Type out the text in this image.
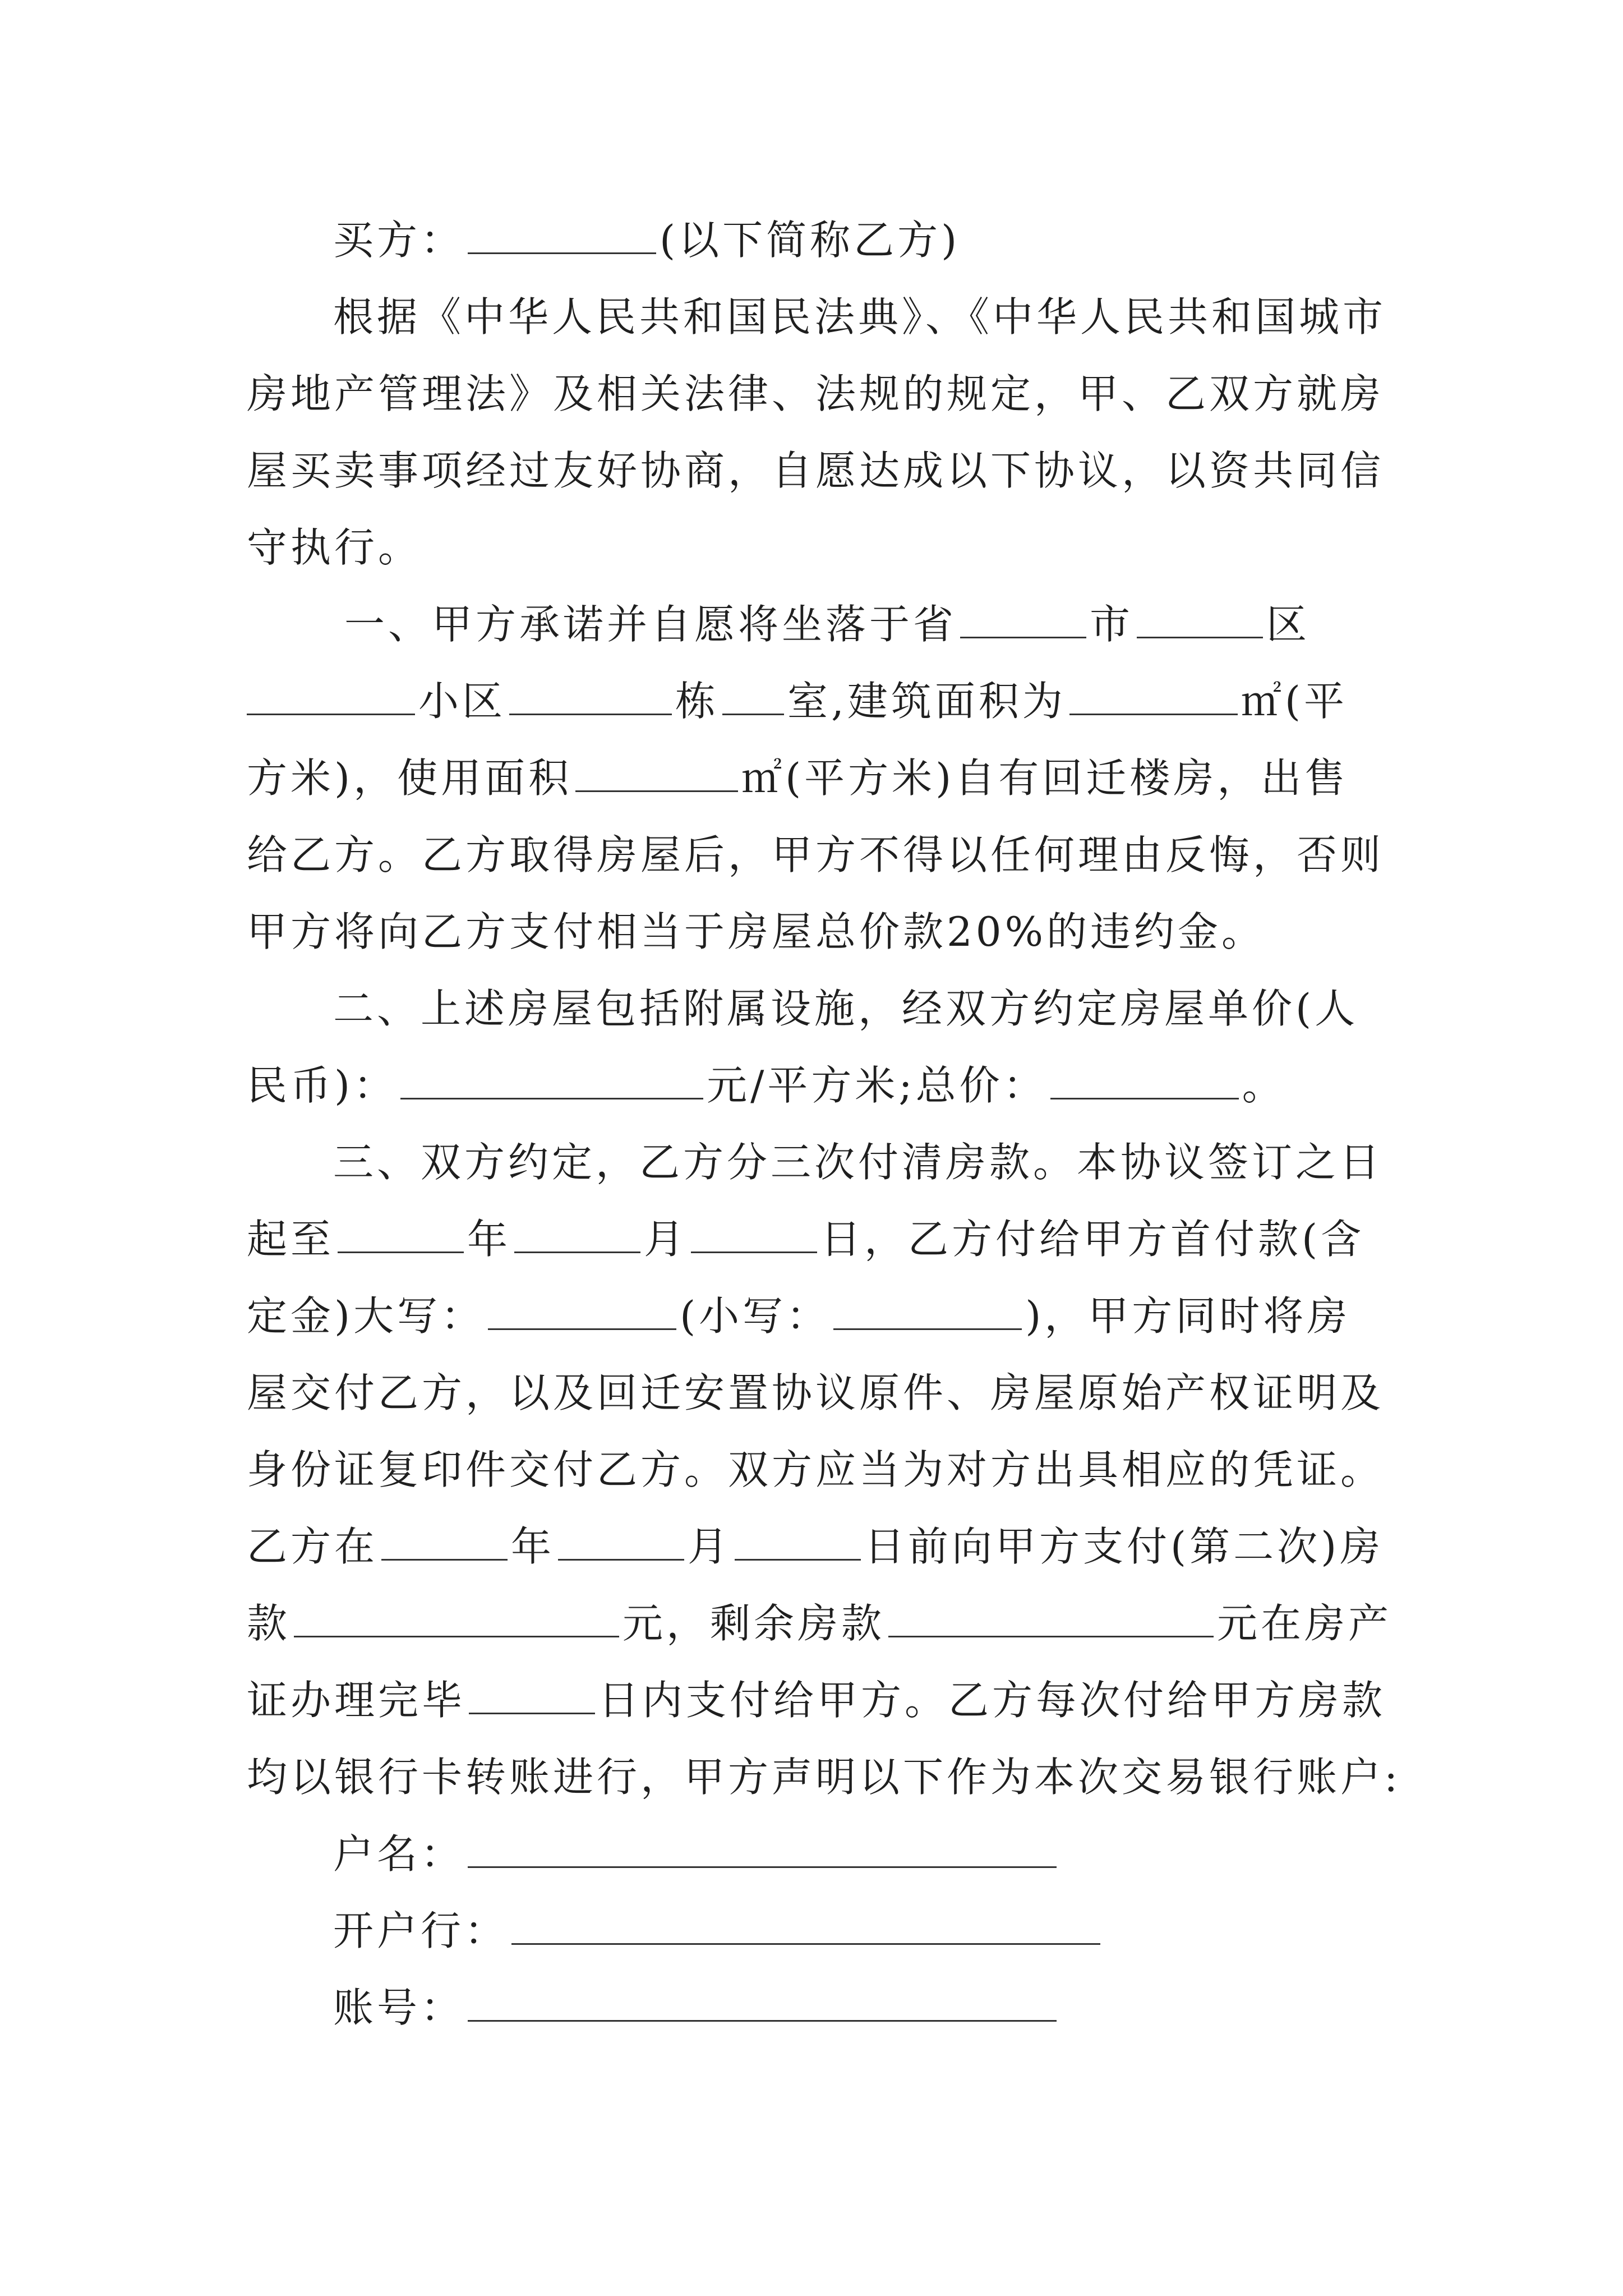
买方：	(以下简称乙方)
根据《中华人民共和国民法典》、《中华人民共和国城市
房地产管理法》及相关法律、法规的规定，甲、乙双方就房
屋买卖事项经过友好协商，自愿达成以下协议，以资共同信
守执行。
一、甲方承诺并自愿将坐落于省	市	区
小区	栋 室,建筑面积为	㎡(平
方米)，使用面积	㎡(平方米)自有回迁楼房，出售
给乙方。乙方取得房屋后，甲方不得以任何理由反悔，否则
甲方将向乙方支付相当于房屋总价款20%的违约金。
二、上述房屋包括附属设施，经双方约定房屋单价(人
民币)：	元/平方米;总价：	。
三、双方约定，乙方分三次付清房款。本协议签订之日
起至	年	月	日，乙方付给甲方首付款(含
定金)大写：	(小写：	)，甲方同时将房
屋交付乙方，以及回迁安置协议原件、房屋原始产权证明及
身份证复印件交付乙方。双方应当为对方出具相应的凭证。
乙方在	年	月	日前向甲方支付(第二次)房
款	元，剩余房款	元在房产
证办理完毕	日内支付给甲方。乙方每次付给甲方房款
均以银行卡转账进行，甲方声明以下作为本次交易银行账户:
户名：
开户行：
账号：
